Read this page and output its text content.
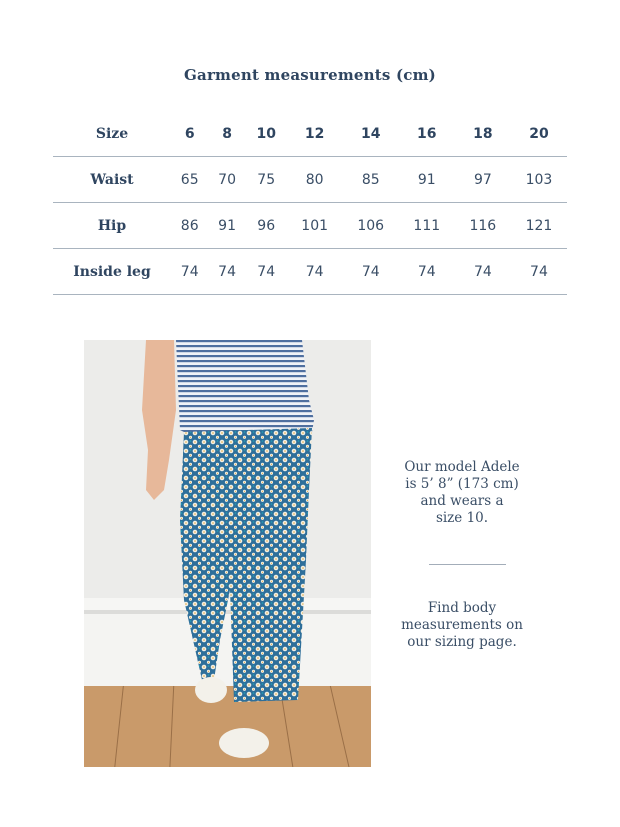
Garment measurements (cm)
Size	6	8	10	12	14	16	18	20
Waist	65	70	75	80	85	91	97	103
Hip	86	91	96	101	106	111	116	121
Inside leg	74	74	74	74	74	74	74	74
Our model Adele
is 5’ 8” (173 cm)
and wears a
size 10.
Find body
measurements on
our sizing page.
